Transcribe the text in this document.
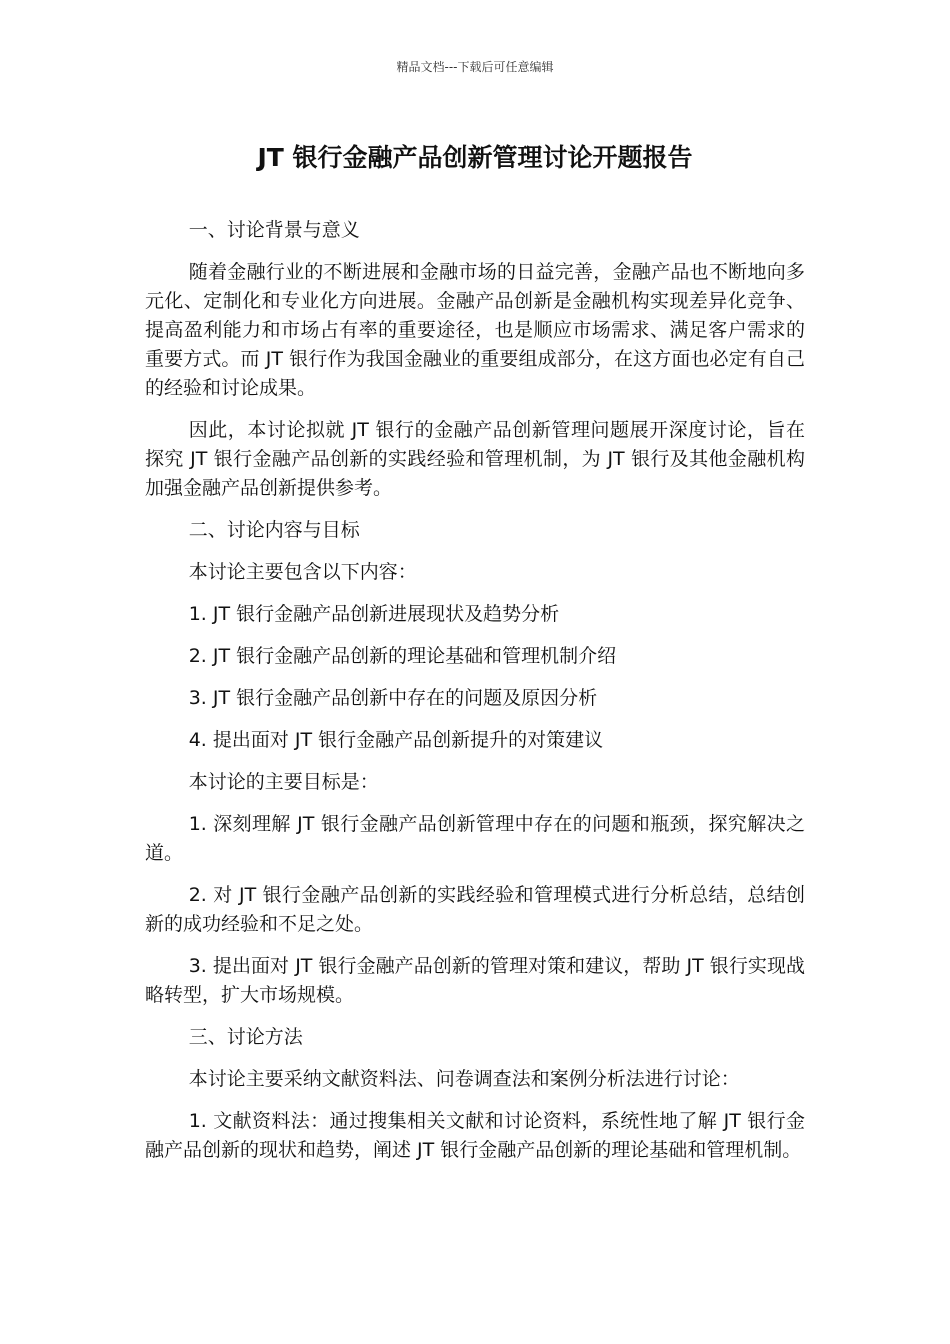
精品文档---下载后可任意编辑
JT 银行金融产品创新管理讨论开题报告

一、讨论背景与意义

随着金融行业的不断进展和金融市场的日益完善，金融产品也不断地向多元化、定制化和专业化方向进展。金融产品创新是金融机构实现差异化竞争、提高盈利能力和市场占有率的重要途径，也是顺应市场需求、满足客户需求的重要方式。而 JT 银行作为我国金融业的重要组成部分，在这方面也必定有自己的经验和讨论成果。

因此，本讨论拟就 JT 银行的金融产品创新管理问题展开深度讨论，旨在探究 JT 银行金融产品创新的实践经验和管理机制，为 JT 银行及其他金融机构加强金融产品创新提供参考。

二、讨论内容与目标

本讨论主要包含以下内容：

1. JT 银行金融产品创新进展现状及趋势分析

2. JT 银行金融产品创新的理论基础和管理机制介绍

3. JT 银行金融产品创新中存在的问题及原因分析

4. 提出面对 JT 银行金融产品创新提升的对策建议

本讨论的主要目标是：

1. 深刻理解 JT 银行金融产品创新管理中存在的问题和瓶颈，探究解决之道。

2. 对 JT 银行金融产品创新的实践经验和管理模式进行分析总结，总结创新的成功经验和不足之处。

3. 提出面对 JT 银行金融产品创新的管理对策和建议，帮助 JT 银行实现战略转型，扩大市场规模。

三、讨论方法

本讨论主要采纳文献资料法、问卷调查法和案例分析法进行讨论：

1. 文献资料法：通过搜集相关文献和讨论资料，系统性地了解 JT 银行金融产品创新的现状和趋势，阐述 JT 银行金融产品创新的理论基础和管理机制。
